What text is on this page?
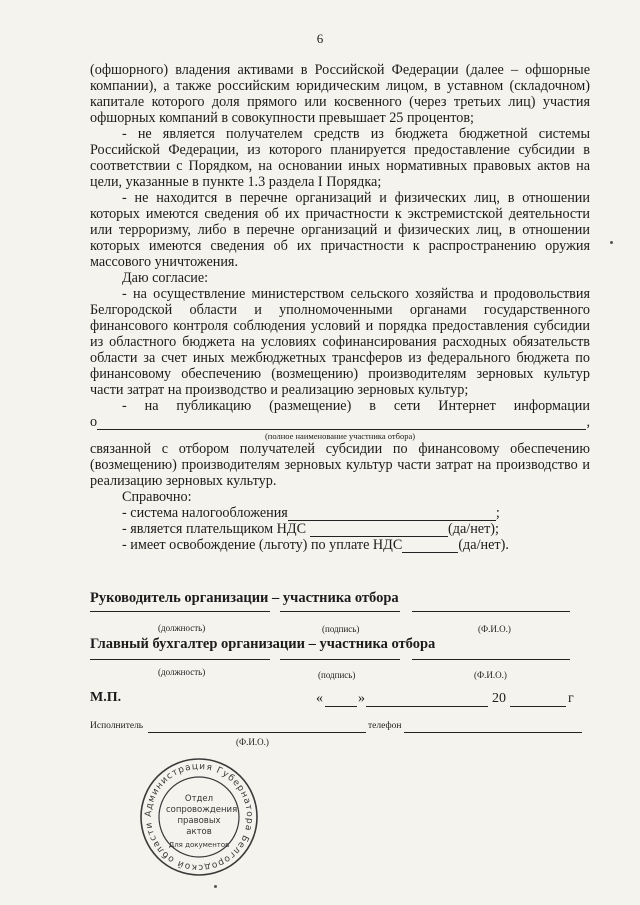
6

(офшорного) владения активами в Российской Федерации (далее – офшорные компании), а также российским юридическим лицом, в уставном (складочном) капитале которого доля прямого или косвенного (через третьих лиц) участия офшорных компаний в совокупности превышает 25 процентов;

- не является получателем средств из бюджета бюджетной системы Российской Федерации, из которого планируется предоставление субсидии в соответствии с Порядком, на основании иных нормативных правовых актов на цели, указанные в пункте 1.3 раздела I Порядка;

- не находится в перечне организаций и физических лиц, в отношении которых имеются сведения об их причастности к экстремистской деятельности или терроризму, либо в перечне организаций и физических лиц, в отношении которых имеются сведения об их причастности к распространению оружия массового уничтожения.

Даю согласие:

- на осуществление министерством сельского хозяйства и продовольствия Белгородской области и уполномоченными органами государственного финансового контроля соблюдения условий и порядка предоставления субсидии из областного бюджета на условиях софинансирования расходных обязательств области за счет иных межбюджетных трансферов из федерального бюджета по финансовому обеспечению (возмещению) производителям зерновых культур части затрат на производство и реализацию зерновых культур;

- на публикацию (размещение) в сети Интернет информации

о	,
(полное наименование участника отбора)

связанной с отбором получателей субсидии по финансовому обеспечению (возмещению) производителям зерновых культур части затрат на производство и реализацию зерновых культур.

Справочно:

- система налогообложения	;
- является плательщиком НДС	(да/нет);
- имеет освобождение (льготу) по уплате НДС	(да/нет).
Руководитель организации – участника отбора
(должность)	(подпись)	(Ф.И.О.)
Главный бухгалтер организации – участника отбора
(должность)	(подпись)	(Ф.И.О.)
М.П.	«	»	20	г
Исполнитель	телефон
(Ф.И.О.)
Администрация Губернатора Белгородской области
Отдел
сопровождения
правовых
актов
Для документов
